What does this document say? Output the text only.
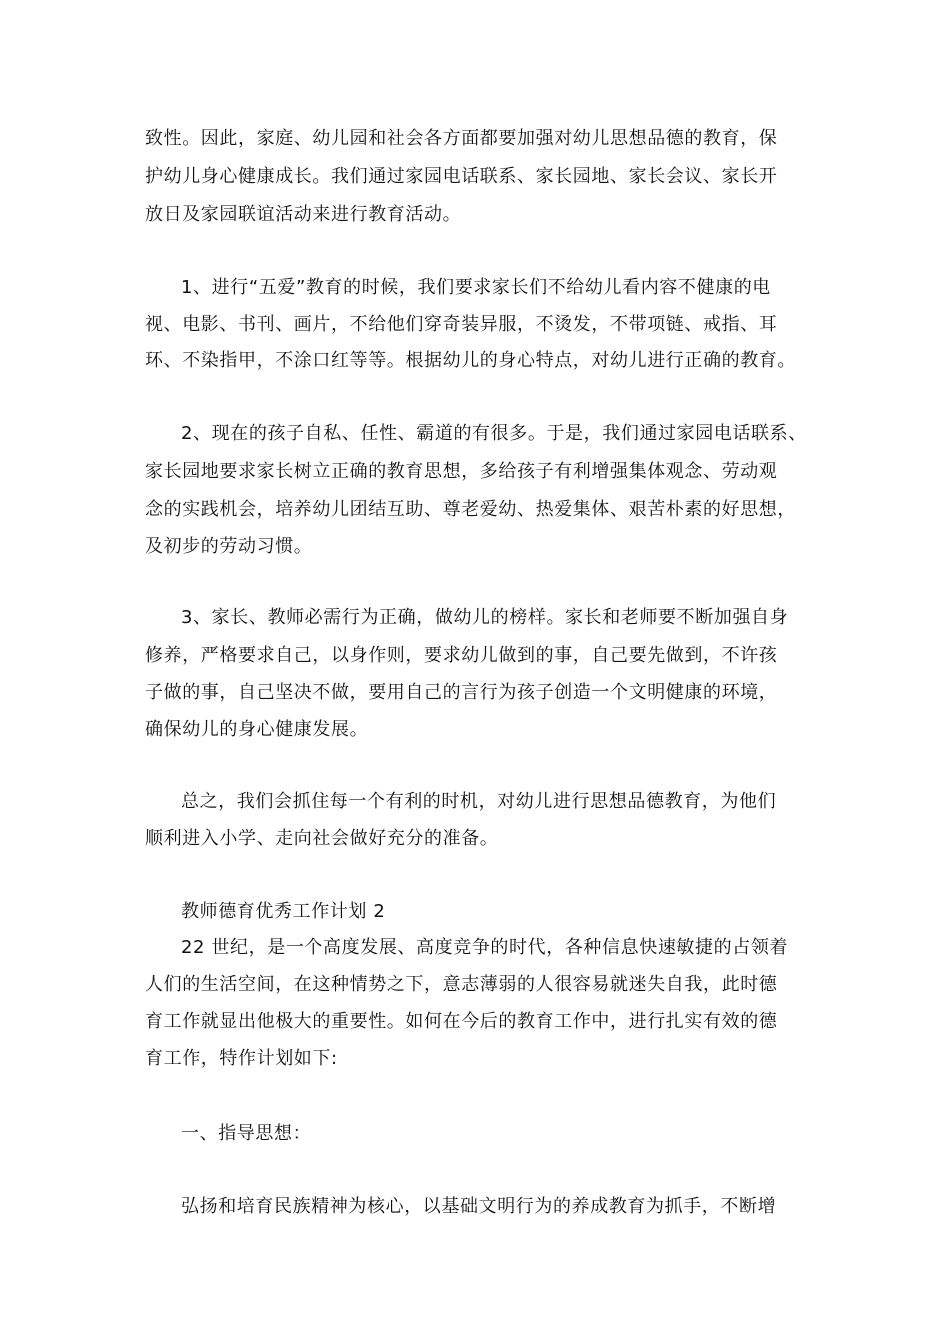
致性。因此，家庭、幼儿园和社会各方面都要加强对幼儿思想品德的教育，保
护幼儿身心健康成长。我们通过家园电话联系、家长园地、家长会议、家长开
放日及家园联谊活动来进行教育活动。
1、进行“五爱”教育的时候，我们要求家长们不给幼儿看内容不健康的电
视、电影、书刊、画片，不给他们穿奇装异服，不烫发，不带项链、戒指、耳
环、不染指甲，不涂口红等等。根据幼儿的身心特点，对幼儿进行正确的教育。
2、现在的孩子自私、任性、霸道的有很多。于是，我们通过家园电话联系、
家长园地要求家长树立正确的教育思想，多给孩子有利增强集体观念、劳动观
念的实践机会，培养幼儿团结互助、尊老爱幼、热爱集体、艰苦朴素的好思想，
及初步的劳动习惯。
3、家长、教师必需行为正确，做幼儿的榜样。家长和老师要不断加强自身
修养，严格要求自己，以身作则，要求幼儿做到的事，自己要先做到，不许孩
子做的事，自己坚决不做，要用自己的言行为孩子创造一个文明健康的环境，
确保幼儿的身心健康发展。
总之，我们会抓住每一个有利的时机，对幼儿进行思想品德教育，为他们
顺利进入小学、走向社会做好充分的准备。
教师德育优秀工作计划 2
22 世纪，是一个高度发展、高度竞争的时代，各种信息快速敏捷的占领着
人们的生活空间，在这种情势之下，意志薄弱的人很容易就迷失自我，此时德
育工作就显出他极大的重要性。如何在今后的教育工作中，进行扎实有效的德
育工作，特作计划如下:
一、指导思想：
弘扬和培育民族精神为核心，以基础文明行为的养成教育为抓手，不断增
